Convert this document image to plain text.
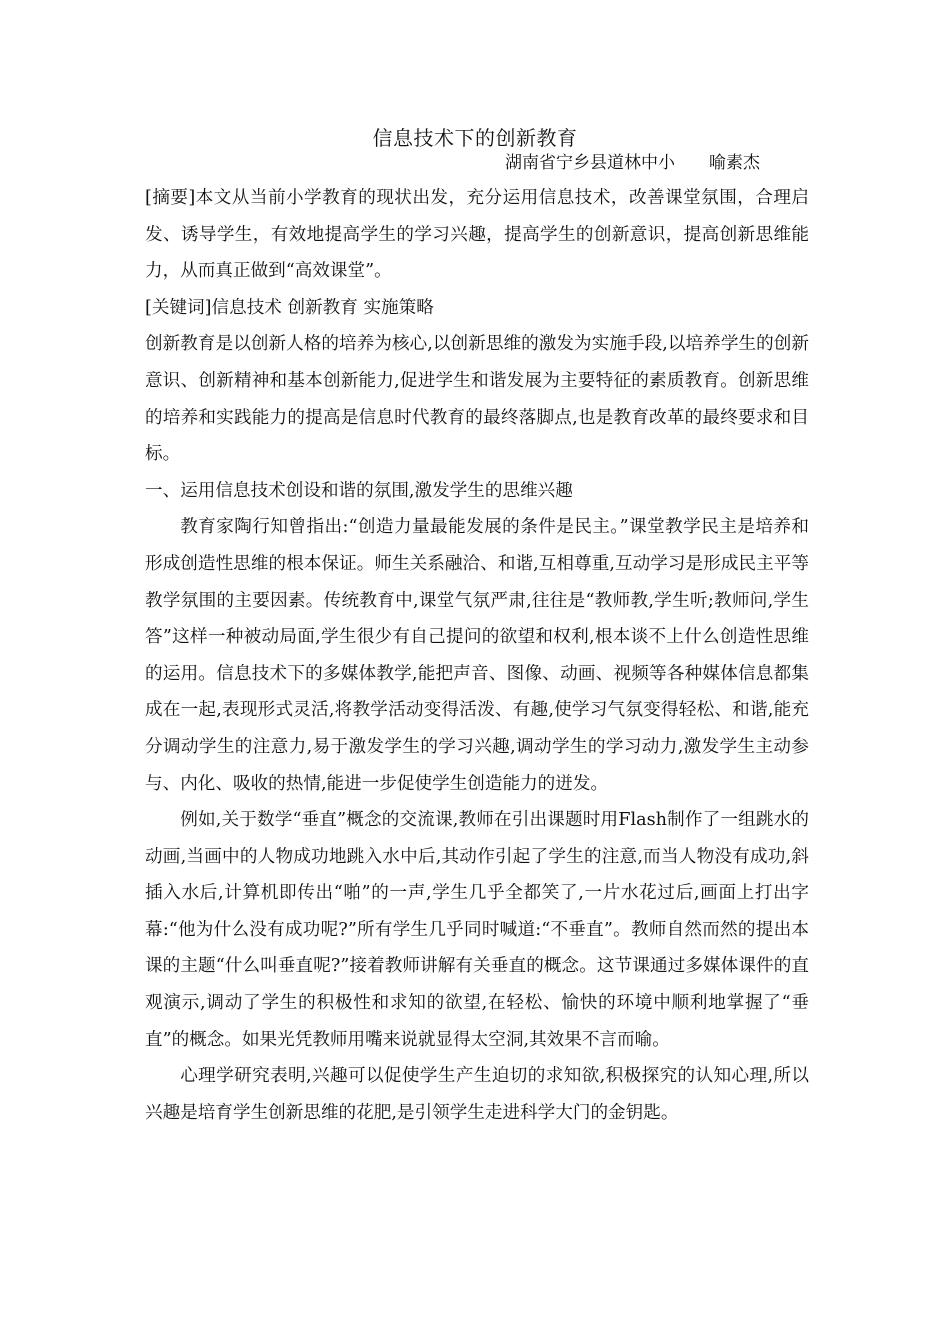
信息技术下的创新教育
湖南省宁乡县道林中小 喻素杰

[摘要]本文从当前小学教育的现状出发，充分运用信息技术，改善课堂氛围，合理启发、诱导学生，有效地提高学生的学习兴趣，提高学生的创新意识，提高创新思维能力，从而真正做到“高效课堂”。

[关键词]信息技术 创新教育 实施策略

创新教育是以创新人格的培养为核心,以创新思维的激发为实施手段,以培养学生的创新意识、创新精神和基本创新能力,促进学生和谐发展为主要特征的素质教育。创新思维的培养和实践能力的提高是信息时代教育的最终落脚点,也是教育改革的最终要求和目标。

一、运用信息技术创设和谐的氛围,激发学生的思维兴趣

教育家陶行知曾指出:“创造力量最能发展的条件是民主。”课堂教学民主是培养和形成创造性思维的根本保证。师生关系融洽、和谐,互相尊重,互动学习是形成民主平等教学氛围的主要因素。传统教育中,课堂气氛严肃,往往是“教师教,学生听;教师问,学生答”这样一种被动局面,学生很少有自己提问的欲望和权利,根本谈不上什么创造性思维的运用。信息技术下的多媒体教学,能把声音、图像、动画、视频等各种媒体信息都集成在一起,表现形式灵活,将教学活动变得活泼、有趣,使学习气氛变得轻松、和谐,能充分调动学生的注意力,易于激发学生的学习兴趣,调动学生的学习动力,激发学生主动参与、内化、吸收的热情,能进一步促使学生创造能力的迸发。

例如,关于数学“垂直”概念的交流课,教师在引出课题时用Flash制作了一组跳水的动画,当画中的人物成功地跳入水中后,其动作引起了学生的注意,而当人物没有成功,斜插入水后,计算机即传出“啪”的一声,学生几乎全都笑了,一片水花过后,画面上打出字幕:“他为什么没有成功呢?”所有学生几乎同时喊道:“不垂直”。教师自然而然的提出本课的主题“什么叫垂直呢?”接着教师讲解有关垂直的概念。这节课通过多媒体课件的直观演示,调动了学生的积极性和求知的欲望,在轻松、愉快的环境中顺利地掌握了“垂直”的概念。如果光凭教师用嘴来说就显得太空洞,其效果不言而喻。

心理学研究表明,兴趣可以促使学生产生迫切的求知欲,积极探究的认知心理,所以兴趣是培育学生创新思维的花肥,是引领学生走进科学大门的金钥匙。
